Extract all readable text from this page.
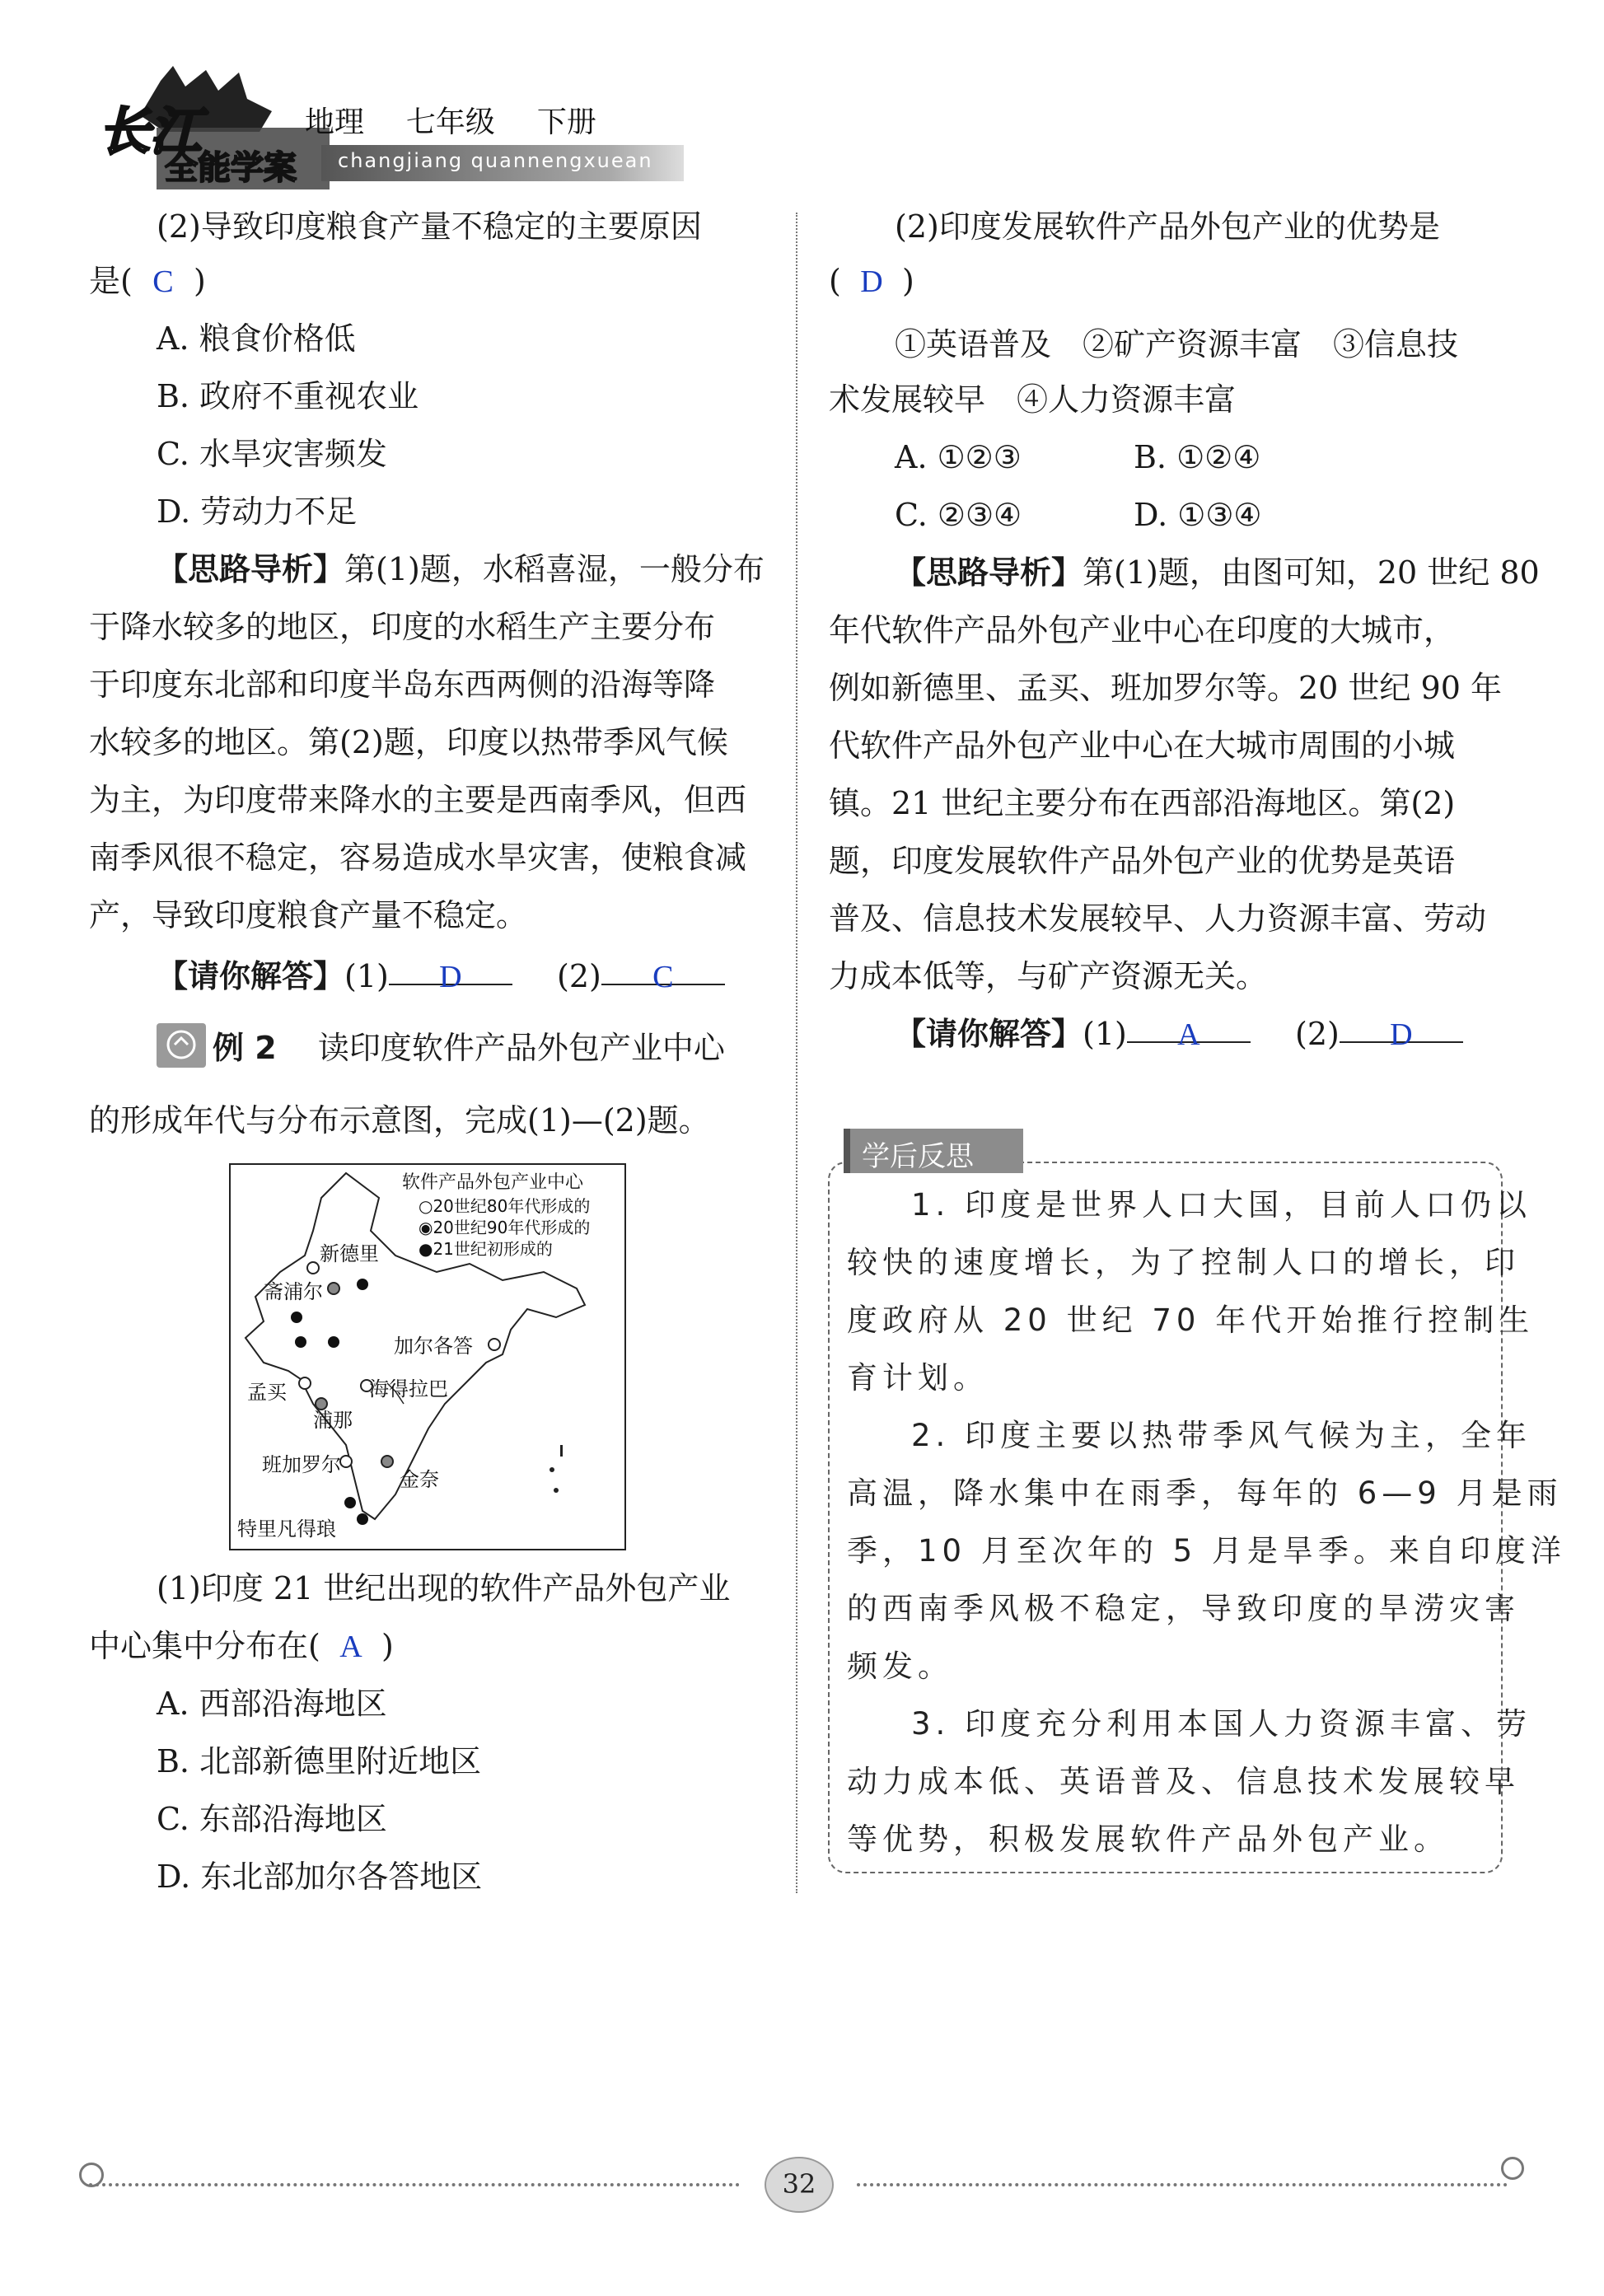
长江
全能学案
地理 七年级 下册
changjiang quannengxuean
(2)导致印度粮食产量不稳定的主要原因
是( C )
A. 粮食价格低
B. 政府不重视农业
C. 水旱灾害频发
D. 劳动力不足
【思路导析】第(1)题，水稻喜湿，一般分布
于降水较多的地区，印度的水稻生产主要分布
于印度东北部和印度半岛东西两侧的沿海等降
水较多的地区。第(2)题，印度以热带季风气候
为主，为印度带来降水的主要是西南季风，但西
南季风很不稳定，容易造成水旱灾害，使粮食减
产，导致印度粮食产量不稳定。
【请你解答】(1) D	(2) C
例 2 读印度软件产品外包产业中心
的形成年代与分布示意图，完成(1)—(2)题。
软件产品外包产业中心
○20世纪80年代形成的
◉20世纪90年代形成的
●21世纪初形成的
新德里
斋浦尔
加尔各答
孟买	海得拉巴
浦那
班加罗尔
金奈
特里凡得琅
(1)印度 21 世纪出现的软件产品外包产业
中心集中分布在( A )
A. 西部沿海地区
B. 北部新德里附近地区
C. 东部沿海地区
D. 东北部加尔各答地区
(2)印度发展软件产品外包产业的优势是
( D )
①英语普及　②矿产资源丰富　③信息技
术发展较早　④人力资源丰富
A. ①②③	B. ①②④
C. ②③④	D. ①③④
【思路导析】第(1)题，由图可知，20 世纪 80
年代软件产品外包产业中心在印度的大城市，
例如新德里、孟买、班加罗尔等。20 世纪 90 年
代软件产品外包产业中心在大城市周围的小城
镇。21 世纪主要分布在西部沿海地区。第(2)
题，印度发展软件产品外包产业的优势是英语
普及、信息技术发展较早、人力资源丰富、劳动
力成本低等，与矿产资源无关。
【请你解答】(1) A	(2) D
学后反思
1. 印度是世界人口大国，目前人口仍以
较快的速度增长，为了控制人口的增长，印
度政府从 20 世纪 70 年代开始推行控制生
育计划。
2. 印度主要以热带季风气候为主，全年
高温，降水集中在雨季，每年的 6—9 月是雨
季，10 月至次年的 5 月是旱季。来自印度洋
的西南季风极不稳定，导致印度的旱涝灾害
频发。
3. 印度充分利用本国人力资源丰富、劳
动力成本低、英语普及、信息技术发展较早
等优势，积极发展软件产品外包产业。
32
